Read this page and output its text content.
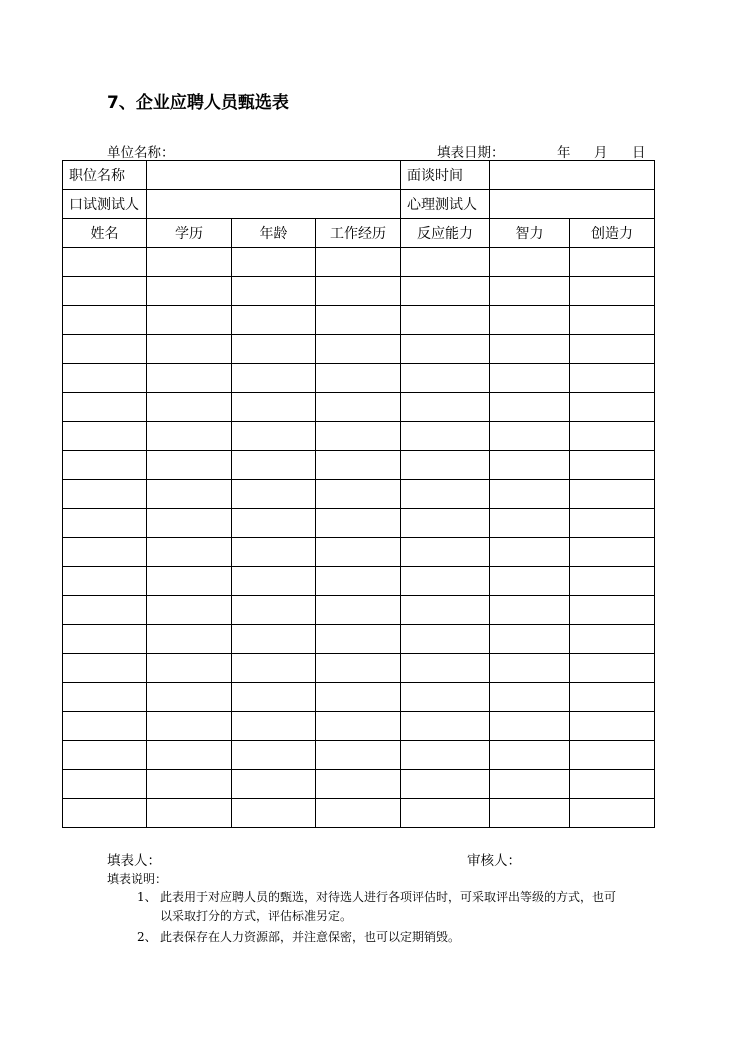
7、企业应聘人员甄选表
单位名称：	填表日期：	年 月 日
职位名称				面谈时间		
口试测试人				心理测试人		
姓名	学历	年龄	工作经历	反应能力	智力	创造力

填表人：	审核人：
填表说明：
1、 此表用于对应聘人员的甄选，对待选人进行各项评估时，可采取评出等级的方式，也可
以采取打分的方式，评估标准另定。
2、 此表保存在人力资源部，并注意保密，也可以定期销毁。
